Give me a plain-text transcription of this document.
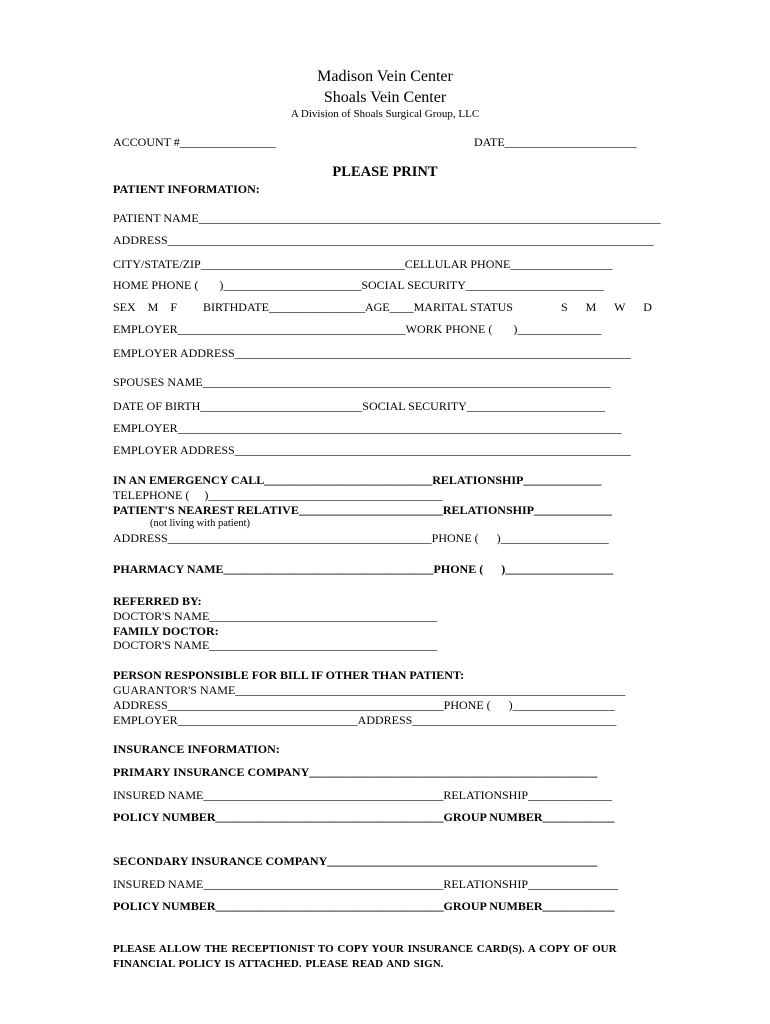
Madison Vein Center
Shoals Vein Center
A Division of Shoals Surgical Group, LLC
ACCOUNT #________________	DATE______________________
PLEASE PRINT
PATIENT INFORMATION:
PATIENT NAME_____________________________________________________________________________
ADDRESS_________________________________________________________________________________
CITY/STATE/ZIP__________________________________CELLULAR PHONE_________________
HOME PHONE (       )_______________________SOCIAL SECURITY_______________________
SEX    M    F BIRTHDATE________________AGE____MARITAL STATUS	S      M      W      D
EMPLOYER______________________________________WORK PHONE (       )______________
EMPLOYER ADDRESS__________________________________________________________________
SPOUSES NAME____________________________________________________________________
DATE OF BIRTH___________________________SOCIAL SECURITY_______________________
EMPLOYER__________________________________________________________________________
EMPLOYER ADDRESS__________________________________________________________________
IN AN EMERGENCY CALL____________________________RELATIONSHIP_____________
TELEPHONE (     )_______________________________________
PATIENT'S NEAREST RELATIVE________________________RELATIONSHIP_____________
(not living with patient)
ADDRESS____________________________________________PHONE (      )__________________
PHARMACY NAME___________________________________PHONE (      )__________________
REFERRED BY:
DOCTOR'S NAME______________________________________
FAMILY DOCTOR:
DOCTOR'S NAME______________________________________
PERSON RESPONSIBLE FOR BILL IF OTHER THAN PATIENT:
GUARANTOR'S NAME_________________________________________________________________
ADDRESS______________________________________________PHONE (      )_________________
EMPLOYER______________________________ADDRESS__________________________________
INSURANCE INFORMATION:
PRIMARY INSURANCE COMPANY________________________________________________
INSURED NAME________________________________________RELATIONSHIP______________
POLICY NUMBER______________________________________GROUP NUMBER____________
SECONDARY INSURANCE COMPANY_____________________________________________
INSURED NAME________________________________________RELATIONSHIP_______________
POLICY NUMBER______________________________________GROUP NUMBER____________
PLEASE ALLOW THE RECEPTIONIST TO COPY YOUR INSURANCE CARD(S). A COPY OF OUR
FINANCIAL POLICY IS ATTACHED. PLEASE READ AND SIGN.
